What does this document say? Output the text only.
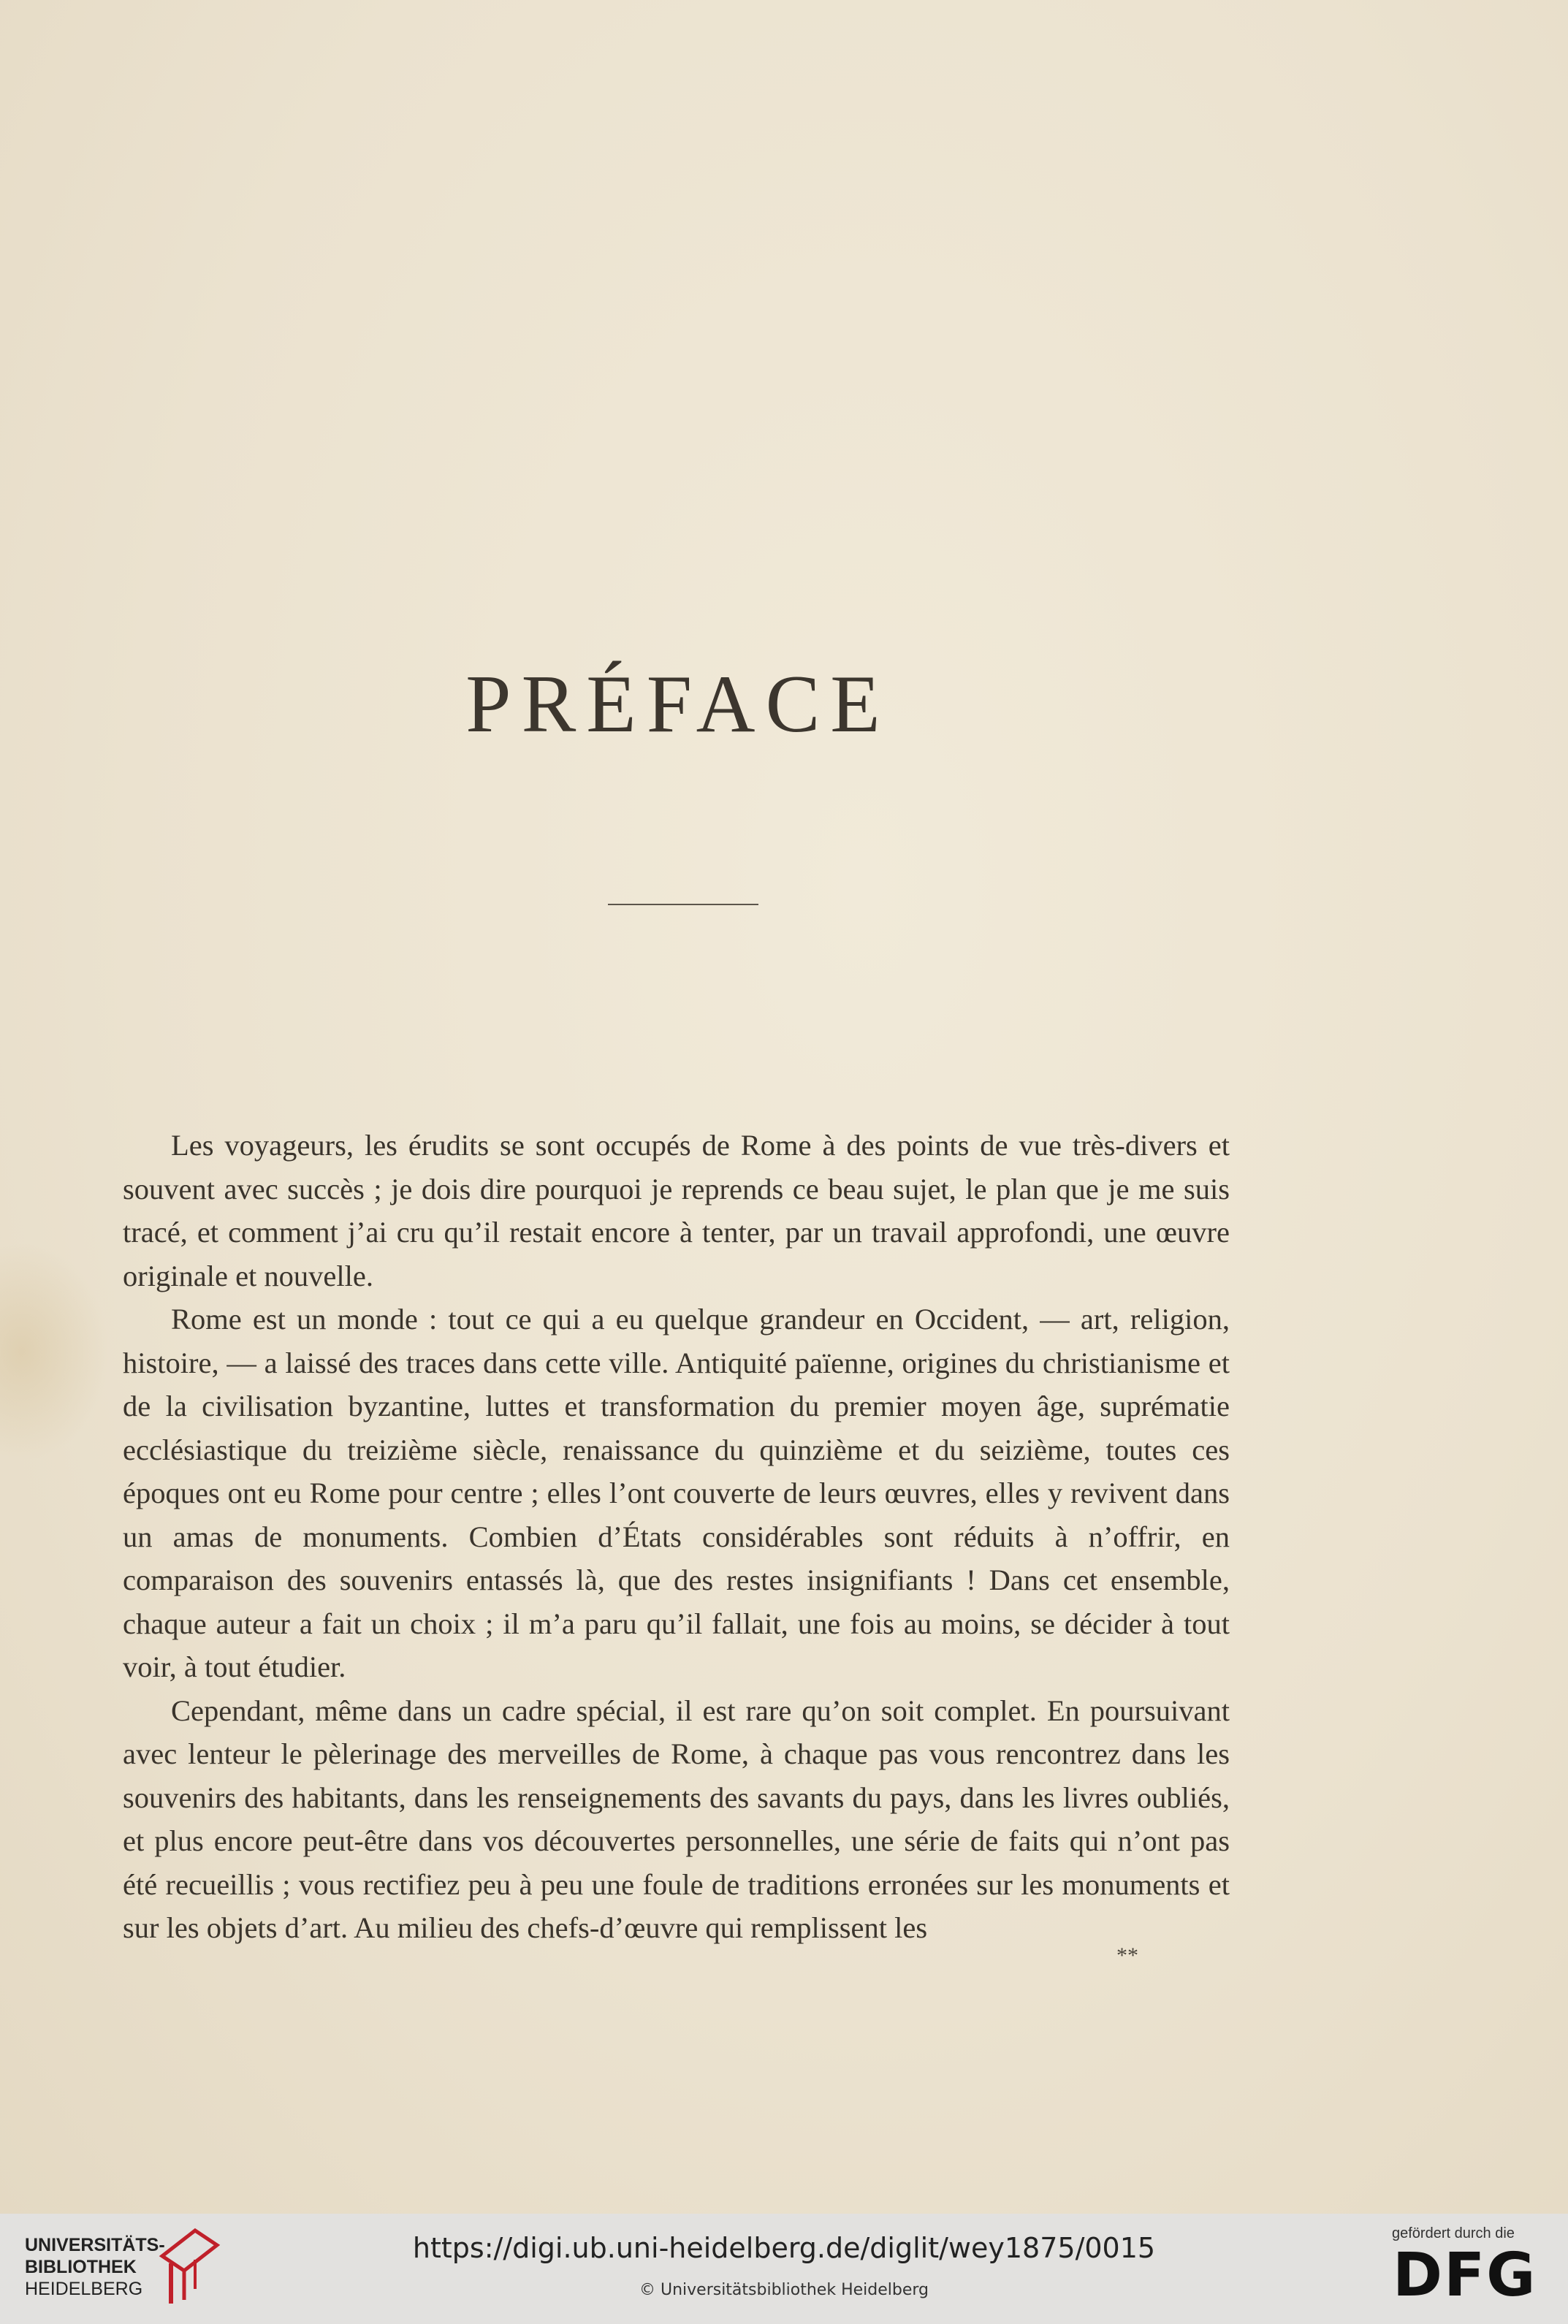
PRÉFACE

Les voyageurs, les érudits se sont occupés de Rome à des points de vue très-divers et souvent avec succès ; je dois dire pourquoi je reprends ce beau sujet, le plan que je me suis tracé, et comment j’ai cru qu’il restait encore à tenter, par un travail approfondi, une œuvre originale et nouvelle.

Rome est un monde : tout ce qui a eu quelque grandeur en Occident, — art, religion, histoire, — a laissé des traces dans cette ville. Antiquité païenne, origines du christianisme et de la civilisation byzantine, luttes et transformation du premier moyen âge, suprématie ecclésiastique du treizième siècle, renaissance du quinzième et du seizième, toutes ces époques ont eu Rome pour centre ; elles l’ont couverte de leurs œuvres, elles y revivent dans un amas de monuments. Combien d’États considérables sont réduits à n’offrir, en comparaison des souvenirs entassés là, que des restes insignifiants ! Dans cet ensemble, chaque auteur a fait un choix ; il m’a paru qu’il fallait, une fois au moins, se décider à tout voir, à tout étudier.

Cependant, même dans un cadre spécial, il est rare qu’on soit complet. En poursuivant avec lenteur le pèlerinage des merveilles de Rome, à chaque pas vous rencontrez dans les souvenirs des habitants, dans les renseignements des savants du pays, dans les livres oubliés, et plus encore peut-être dans vos découvertes personnelles, une série de faits qui n’ont pas été recueillis ; vous rectifiez peu à peu une foule de traditions erronées sur les monuments et sur les objets d’art. Au milieu des chefs-d’œuvre qui remplissent les

**
UNIVERSITÄTS-
BIBLIOTHEK
HEIDELBERG
https://digi.ub.uni-heidelberg.de/diglit/wey1875/0015
© Universitätsbibliothek Heidelberg
gefördert durch die
DFG
